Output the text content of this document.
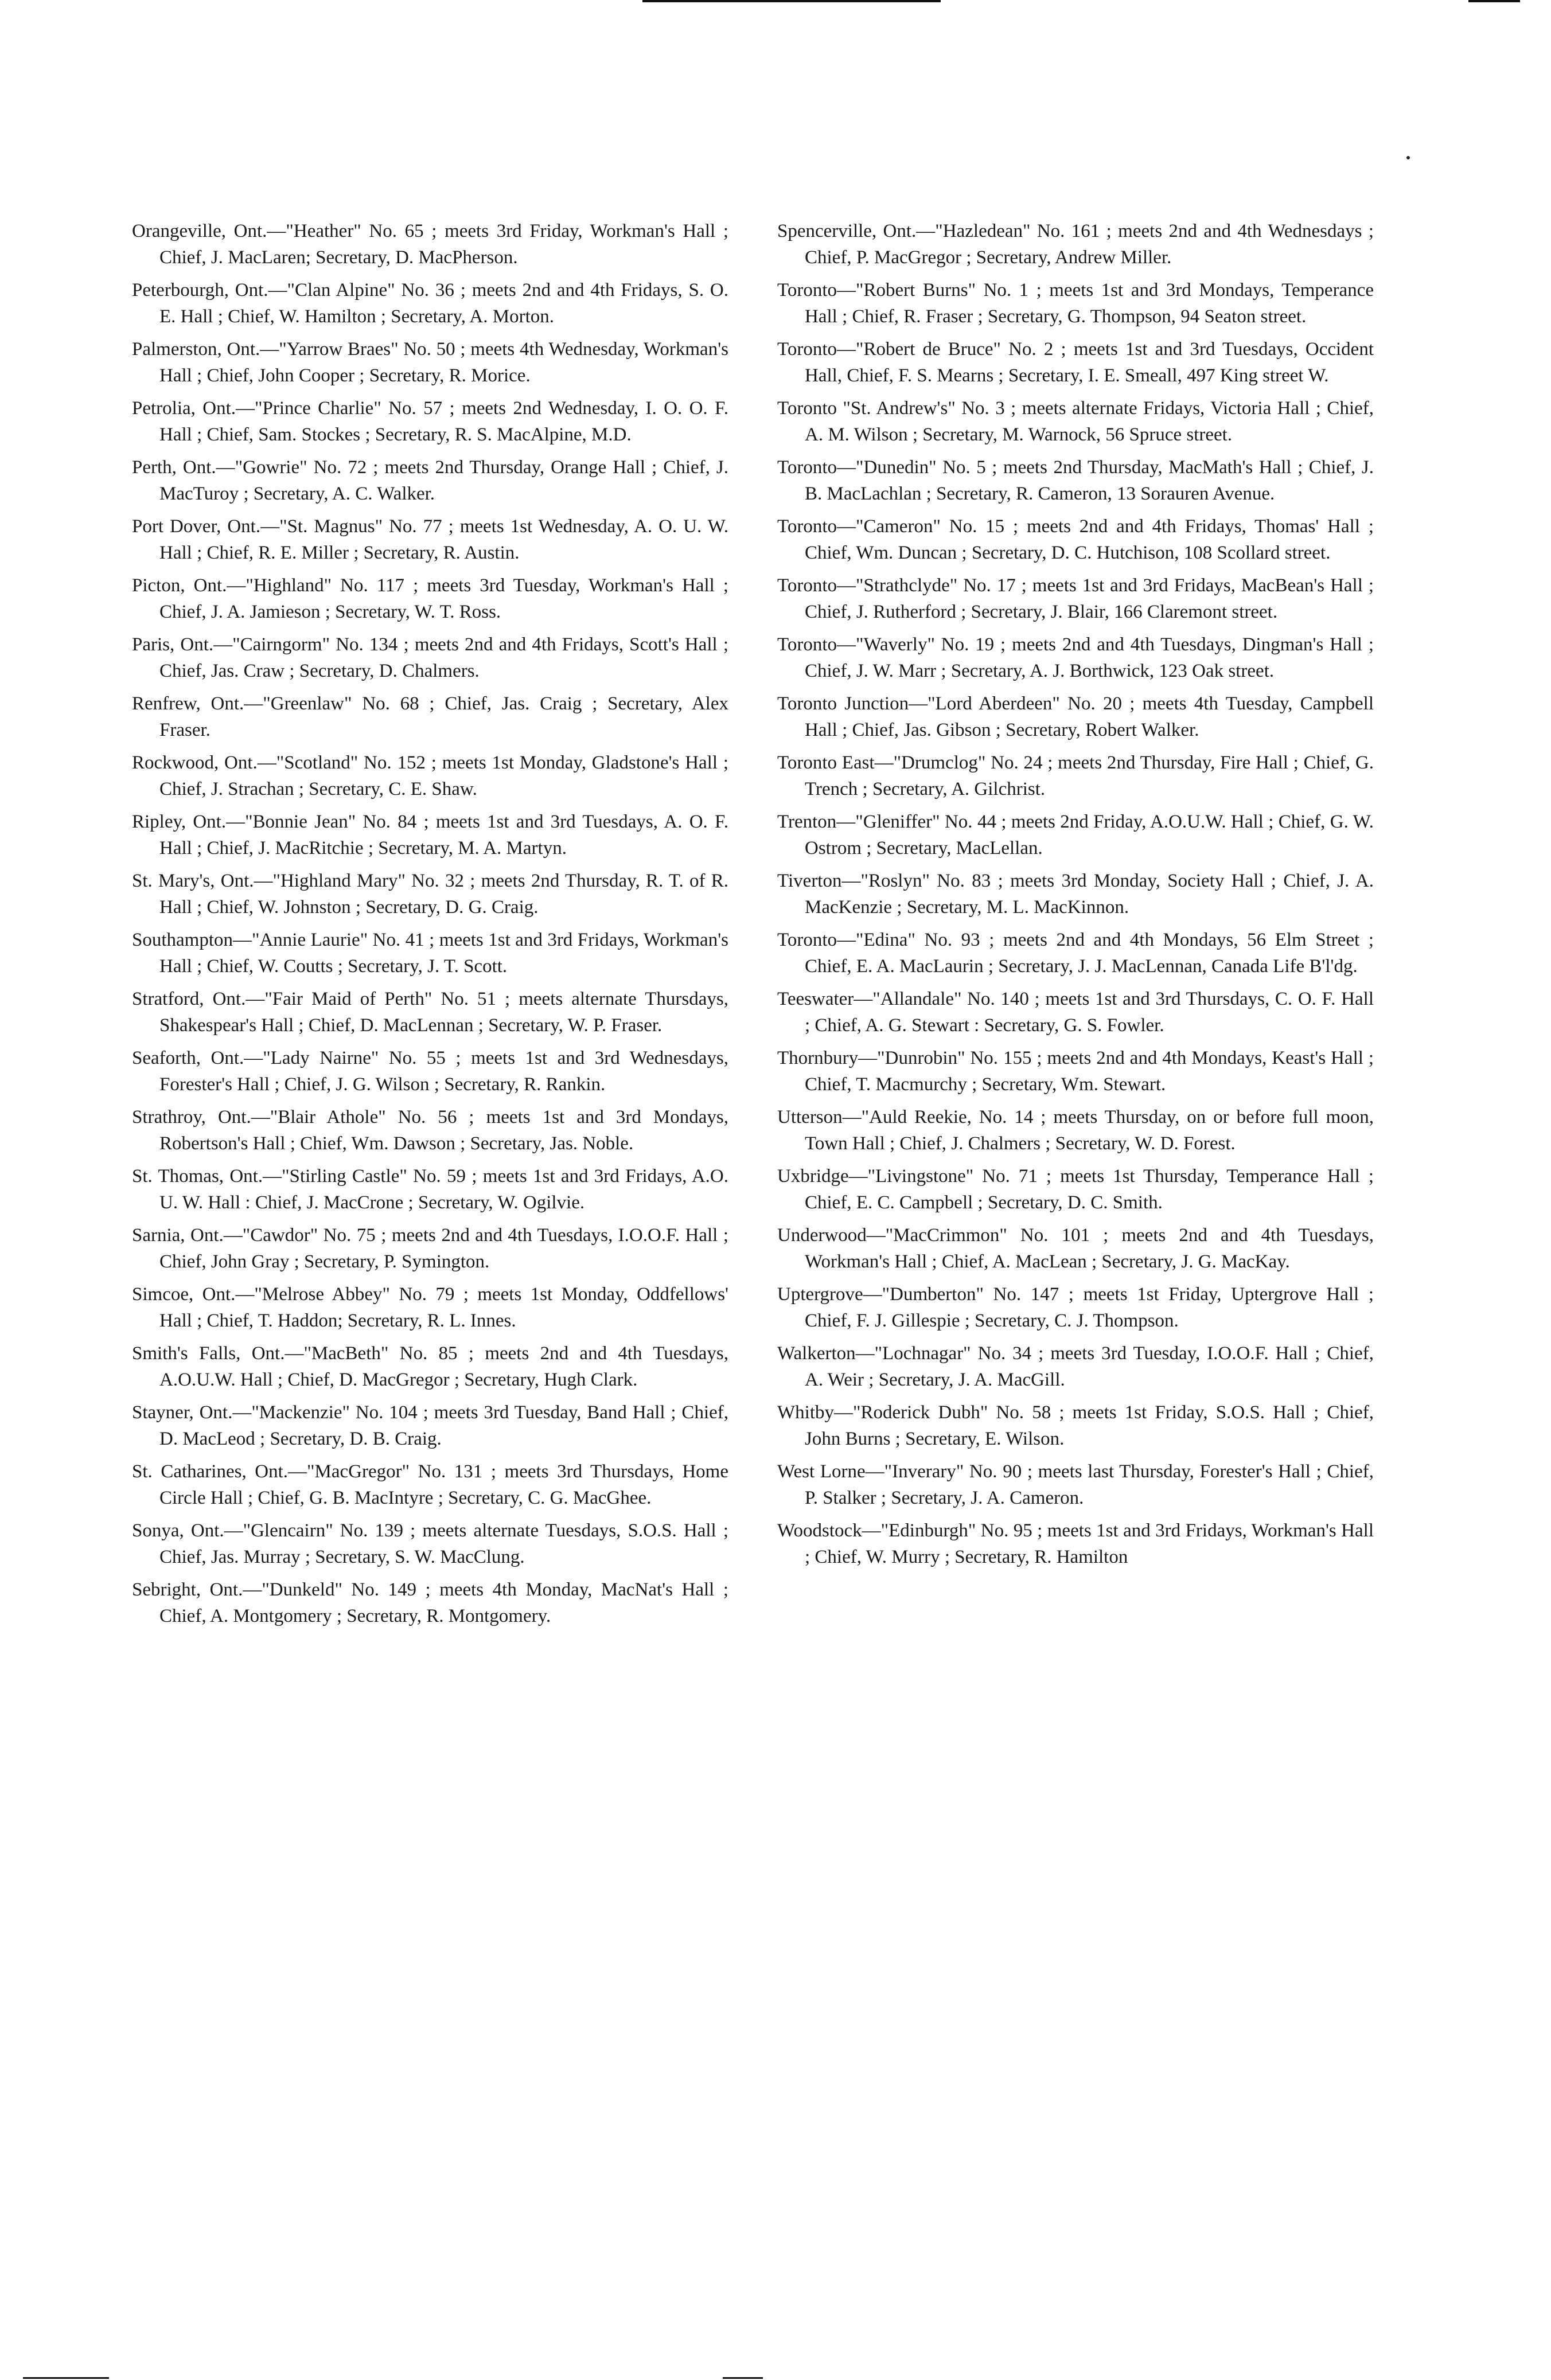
Orangeville, Ont.—"Heather" No. 65 ; meets 3rd Friday, Workman's Hall ; Chief, J. MacLaren; Secretary, D. MacPherson.

Peterbourgh, Ont.—"Clan Alpine" No. 36 ; meets 2nd and 4th Fridays, S. O. E. Hall ; Chief, W. Hamilton ; Secretary, A. Morton.

Palmerston, Ont.—"Yarrow Braes" No. 50 ; meets 4th Wednesday, Workman's Hall ; Chief, John Cooper ; Secretary, R. Morice.

Petrolia, Ont.—"Prince Charlie" No. 57 ; meets 2nd Wednesday, I. O. O. F. Hall ; Chief, Sam. Stockes ; Secretary, R. S. MacAlpine, M.D.

Perth, Ont.—"Gowrie" No. 72 ; meets 2nd Thursday, Orange Hall ; Chief, J. MacTuroy ; Secretary, A. C. Walker.

Port Dover, Ont.—"St. Magnus" No. 77 ; meets 1st Wednesday, A. O. U. W. Hall ; Chief, R. E. Miller ; Secretary, R. Austin.

Picton, Ont.—"Highland" No. 117 ; meets 3rd Tuesday, Workman's Hall ; Chief, J. A. Jamieson ; Secretary, W. T. Ross.

Paris, Ont.—"Cairngorm" No. 134 ; meets 2nd and 4th Fridays, Scott's Hall ; Chief, Jas. Craw ; Secretary, D. Chalmers.

Renfrew, Ont.—"Greenlaw" No. 68 ; Chief, Jas. Craig ; Secretary, Alex Fraser.

Rockwood, Ont.—"Scotland" No. 152 ; meets 1st Monday, Gladstone's Hall ; Chief, J. Strachan ; Secretary, C. E. Shaw.

Ripley, Ont.—"Bonnie Jean" No. 84 ; meets 1st and 3rd Tuesdays, A. O. F. Hall ; Chief, J. MacRitchie ; Secretary, M. A. Martyn.

St. Mary's, Ont.—"Highland Mary" No. 32 ; meets 2nd Thursday, R. T. of R. Hall ; Chief, W. Johnston ; Secretary, D. G. Craig.

Southampton—"Annie Laurie" No. 41 ; meets 1st and 3rd Fridays, Workman's Hall ; Chief, W. Coutts ; Secretary, J. T. Scott.

Stratford, Ont.—"Fair Maid of Perth" No. 51 ; meets alternate Thursdays, Shakespear's Hall ; Chief, D. MacLennan ; Secretary, W. P. Fraser.

Seaforth, Ont.—"Lady Nairne" No. 55 ; meets 1st and 3rd Wednesdays, Forester's Hall ; Chief, J. G. Wilson ; Secretary, R. Rankin.

Strathroy, Ont.—"Blair Athole" No. 56 ; meets 1st and 3rd Mondays, Robertson's Hall ; Chief, Wm. Dawson ; Secretary, Jas. Noble.

St. Thomas, Ont.—"Stirling Castle" No. 59 ; meets 1st and 3rd Fridays, A.O. U. W. Hall : Chief, J. MacCrone ; Secretary, W. Ogilvie.

Sarnia, Ont.—"Cawdor" No. 75 ; meets 2nd and 4th Tuesdays, I.O.O.F. Hall ; Chief, John Gray ; Secretary, P. Symington.

Simcoe, Ont.—"Melrose Abbey" No. 79 ; meets 1st Monday, Oddfellows' Hall ; Chief, T. Haddon; Secretary, R. L. Innes.

Smith's Falls, Ont.—"MacBeth" No. 85 ; meets 2nd and 4th Tuesdays, A.O.U.W. Hall ; Chief, D. MacGregor ; Secretary, Hugh Clark.

Stayner, Ont.—"Mackenzie" No. 104 ; meets 3rd Tuesday, Band Hall ; Chief, D. MacLeod ; Secretary, D. B. Craig.

St. Catharines, Ont.—"MacGregor" No. 131 ; meets 3rd Thursdays, Home Circle Hall ; Chief, G. B. MacIntyre ; Secretary, C. G. MacGhee.

Sonya, Ont.—"Glencairn" No. 139 ; meets alternate Tuesdays, S.O.S. Hall ; Chief, Jas. Murray ; Secretary, S. W. MacClung.

Sebright, Ont.—"Dunkeld" No. 149 ; meets 4th Monday, MacNat's Hall ; Chief, A. Montgomery ; Secretary, R. Montgomery.

Spencerville, Ont.—"Hazledean" No. 161 ; meets 2nd and 4th Wednesdays ; Chief, P. MacGregor ; Secretary, Andrew Miller.

Toronto—"Robert Burns" No. 1 ; meets 1st and 3rd Mondays, Temperance Hall ; Chief, R. Fraser ; Secretary, G. Thompson, 94 Seaton street.

Toronto—"Robert de Bruce" No. 2 ; meets 1st and 3rd Tuesdays, Occident Hall, Chief, F. S. Mearns ; Secretary, I. E. Smeall, 497 King street W.

Toronto "St. Andrew's" No. 3 ; meets alternate Fridays, Victoria Hall ; Chief, A. M. Wilson ; Secretary, M. Warnock, 56 Spruce street.

Toronto—"Dunedin" No. 5 ; meets 2nd Thursday, MacMath's Hall ; Chief, J. B. MacLachlan ; Secretary, R. Cameron, 13 Sorauren Avenue.

Toronto—"Cameron" No. 15 ; meets 2nd and 4th Fridays, Thomas' Hall ; Chief, Wm. Duncan ; Secretary, D. C. Hutchison, 108 Scollard street.

Toronto—"Strathclyde" No. 17 ; meets 1st and 3rd Fridays, MacBean's Hall ; Chief, J. Rutherford ; Secretary, J. Blair, 166 Claremont street.

Toronto—"Waverly" No. 19 ; meets 2nd and 4th Tuesdays, Dingman's Hall ; Chief, J. W. Marr ; Secretary, A. J. Borthwick, 123 Oak street.

Toronto Junction—"Lord Aberdeen" No. 20 ; meets 4th Tuesday, Campbell Hall ; Chief, Jas. Gibson ; Secretary, Robert Walker.

Toronto East—"Drumclog" No. 24 ; meets 2nd Thursday, Fire Hall ; Chief, G. Trench ; Secretary, A. Gilchrist.

Trenton—"Gleniffer" No. 44 ; meets 2nd Friday, A.O.U.W. Hall ; Chief, G. W. Ostrom ; Secretary, MacLellan.

Tiverton—"Roslyn" No. 83 ; meets 3rd Monday, Society Hall ; Chief, J. A. MacKenzie ; Secretary, M. L. MacKinnon.

Toronto—"Edina" No. 93 ; meets 2nd and 4th Mondays, 56 Elm Street ; Chief, E. A. MacLaurin ; Secretary, J. J. MacLennan, Canada Life B'l'dg.

Teeswater—"Allandale" No. 140 ; meets 1st and 3rd Thursdays, C. O. F. Hall ; Chief, A. G. Stewart : Secretary, G. S. Fowler.

Thornbury—"Dunrobin" No. 155 ; meets 2nd and 4th Mondays, Keast's Hall ; Chief, T. Macmurchy ; Secretary, Wm. Stewart.

Utterson—"Auld Reekie, No. 14 ; meets Thursday, on or before full moon, Town Hall ; Chief, J. Chalmers ; Secretary, W. D. Forest.

Uxbridge—"Livingstone" No. 71 ; meets 1st Thursday, Temperance Hall ; Chief, E. C. Campbell ; Secretary, D. C. Smith.

Underwood—"MacCrimmon" No. 101 ; meets 2nd and 4th Tuesdays, Workman's Hall ; Chief, A. MacLean ; Secretary, J. G. MacKay.

Uptergrove—"Dumberton" No. 147 ; meets 1st Friday, Uptergrove Hall ; Chief, F. J. Gillespie ; Secretary, C. J. Thompson.

Walkerton—"Lochnagar" No. 34 ; meets 3rd Tuesday, I.O.O.F. Hall ; Chief, A. Weir ; Secretary, J. A. MacGill.

Whitby—"Roderick Dubh" No. 58 ; meets 1st Friday, S.O.S. Hall ; Chief, John Burns ; Secretary, E. Wilson.

West Lorne—"Inverary" No. 90 ; meets last Thursday, Forester's Hall ; Chief, P. Stalker ; Secretary, J. A. Cameron.

Woodstock—"Edinburgh" No. 95 ; meets 1st and 3rd Fridays, Workman's Hall ; Chief, W. Murry ; Secretary, R. Hamilton
